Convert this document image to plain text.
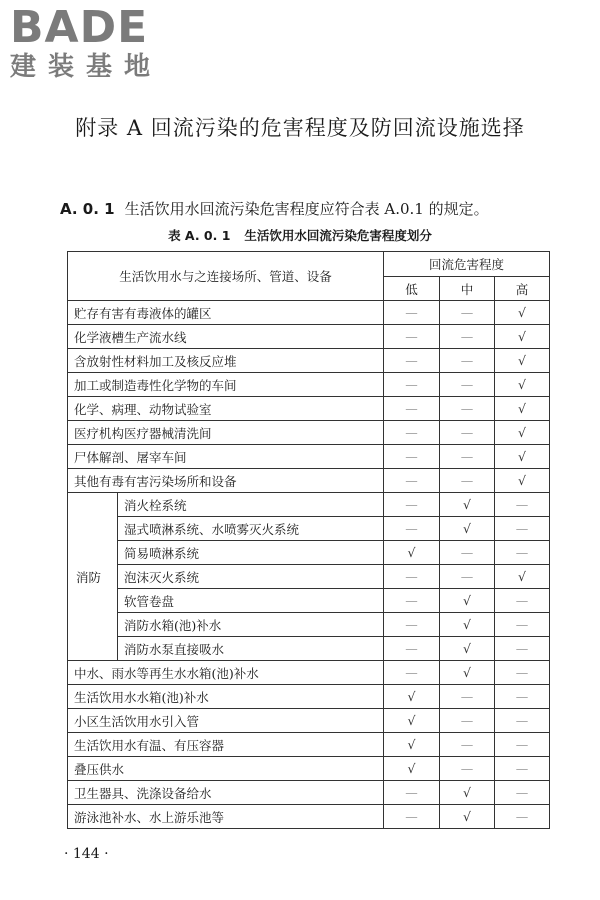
BADE
建装基地
附录 A 回流污染的危害程度及防回流设施选择
A. 0. 1 生活饮用水回流污染危害程度应符合表 A.0.1 的规定。
表 A. 0. 1 生活饮用水回流污染危害程度划分
生活饮用水与之连接场所、管道、设备		回流危害程度		
		低	中	高
贮存有害有毒液体的罐区		—	—	√
化学液槽生产流水线		—	—	√
含放射性材料加工及核反应堆		—	—	√
加工或制造毒性化学物的车间		—	—	√
化学、病理、动物试验室		—	—	√
医疗机构医疗器械清洗间		—	—	√
尸体解剖、屠宰车间		—	—	√
其他有毒有害污染场所和设备		—	—	√
消防	消火栓系统	—	√	—
	湿式喷淋系统、水喷雾灭火系统	—	√	—
	简易喷淋系统	√	—	—
	泡沫灭火系统	—	—	√
	软管卷盘	—	√	—
	消防水箱(池)补水	—	√	—
	消防水泵直接吸水	—	√	—
中水、雨水等再生水水箱(池)补水		—	√	—
生活饮用水水箱(池)补水		√	—	—
小区生活饮用水引入管		√	—	—
生活饮用水有温、有压容器		√	—	—
叠压供水		√	—	—
卫生器具、洗涤设备给水		—	√	—
游泳池补水、水上游乐池等		—	√	—
· 144 ·
